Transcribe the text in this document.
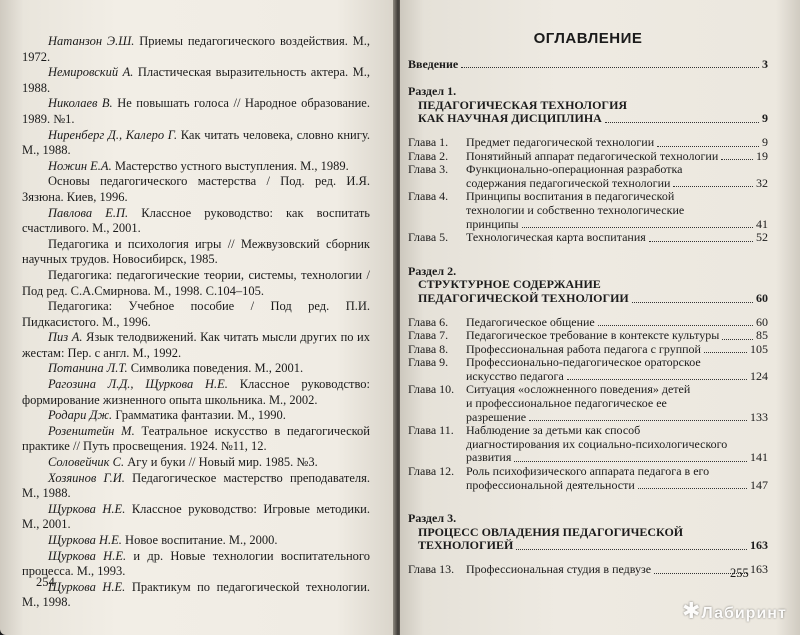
Натанзон Э.Ш. Приемы педагогического воздействия. М., 1972.

Немировский А. Пластическая выразительность актера. М., 1988.

Николаев В. Не повышать голоса // Народное образование. 1989. №1.

Ниренберг Д., Калеро Г. Как читать человека, словно книгу. М., 1988.

Ножин Е.А. Мастерство устного выступления. М., 1989.

Основы педагогического мастерства / Под. ред. И.Я. Зязюна. Киев, 1996.

Павлова Е.П. Классное руководство: как воспитать счастливого. М., 2001.

Педагогика и психология игры // Межвузовский сборник научных трудов. Новосибирск, 1985.

Педагогика: педагогические теории, системы, технологии / Под ред. С.А.Смирнова. М., 1998. С.104–105.

Педагогика: Учебное пособие / Под ред. П.И. Пидкасистого. М., 1996.

Пиз А. Язык телодвижений. Как читать мысли других по их жестам: Пер. с англ. М., 1992.

Потанина Л.Т. Символика поведения. М., 2001.

Рагозина Л.Д., Щуркова Н.Е. Классное руководство: формирование жизненного опыта школьника. М., 2002.

Родари Дж. Грамматика фантазии. М., 1990.

Розенштейн М. Театральное искусство в педагогической практике // Путь просвещения. 1924. №11, 12.

Соловейчик С. Агу и буки // Новый мир. 1985. №3.

Хозяинов Г.И. Педагогическое мастерство преподавателя. М., 1988.

Щуркова Н.Е. Классное руководство: Игровые методики. М., 2001.

Щуркова Н.Е. Новое воспитание. М., 2000.

Щуркова Н.Е. и др. Новые технологии воспитательного процесса. М., 1993.

Щуркова Н.Е. Практикум по педагогической технологии. М., 1998.

254
ОГЛАВЛЕНИЕ
Введение	3
Раздел 1.
ПЕДАГОГИЧЕСКАЯ ТЕХНОЛОГИЯ
КАК НАУЧНАЯ ДИСЦИПЛИНА	9
Глава 1.	Предмет педагогической технологии	9
Глава 2.	Понятийный аппарат педагогической технологии	19
Глава 3.	Функционально-операционная разработка
содержания педагогической технологии	32
Глава 4.	Принципы воспитания в педагогической
технологии и собственно технологические
принципы	41
Глава 5.	Технологическая карта воспитания	52
Раздел 2.
СТРУКТУРНОЕ СОДЕРЖАНИЕ
ПЕДАГОГИЧЕСКОЙ ТЕХНОЛОГИИ	60
Глава 6.	Педагогическое общение	60
Глава 7.	Педагогическое требование в контексте культуры	85
Глава 8.	Профессиональная работа педагога с группой	105
Глава 9.	Профессионально-педагогическое ораторское
искусство педагога	124
Глава 10. Ситуация «осложненного поведения» детей
и профессиональное педагогическое ее
разрешение	133
Глава 11.	Наблюдение за детьми как способ
диагностирования их социально-психологического
развития	141
Глава 12. Роль психофизического аппарата педагога в его
профессиональной деятельности	147
Раздел 3.
ПРОЦЕСС ОВЛАДЕНИЯ ПЕДАГОГИЧЕСКОЙ
ТЕХНОЛОГИЕЙ	163
Глава 13. Профессиональная студия в педвузе	163
255
✱Лабиринт
